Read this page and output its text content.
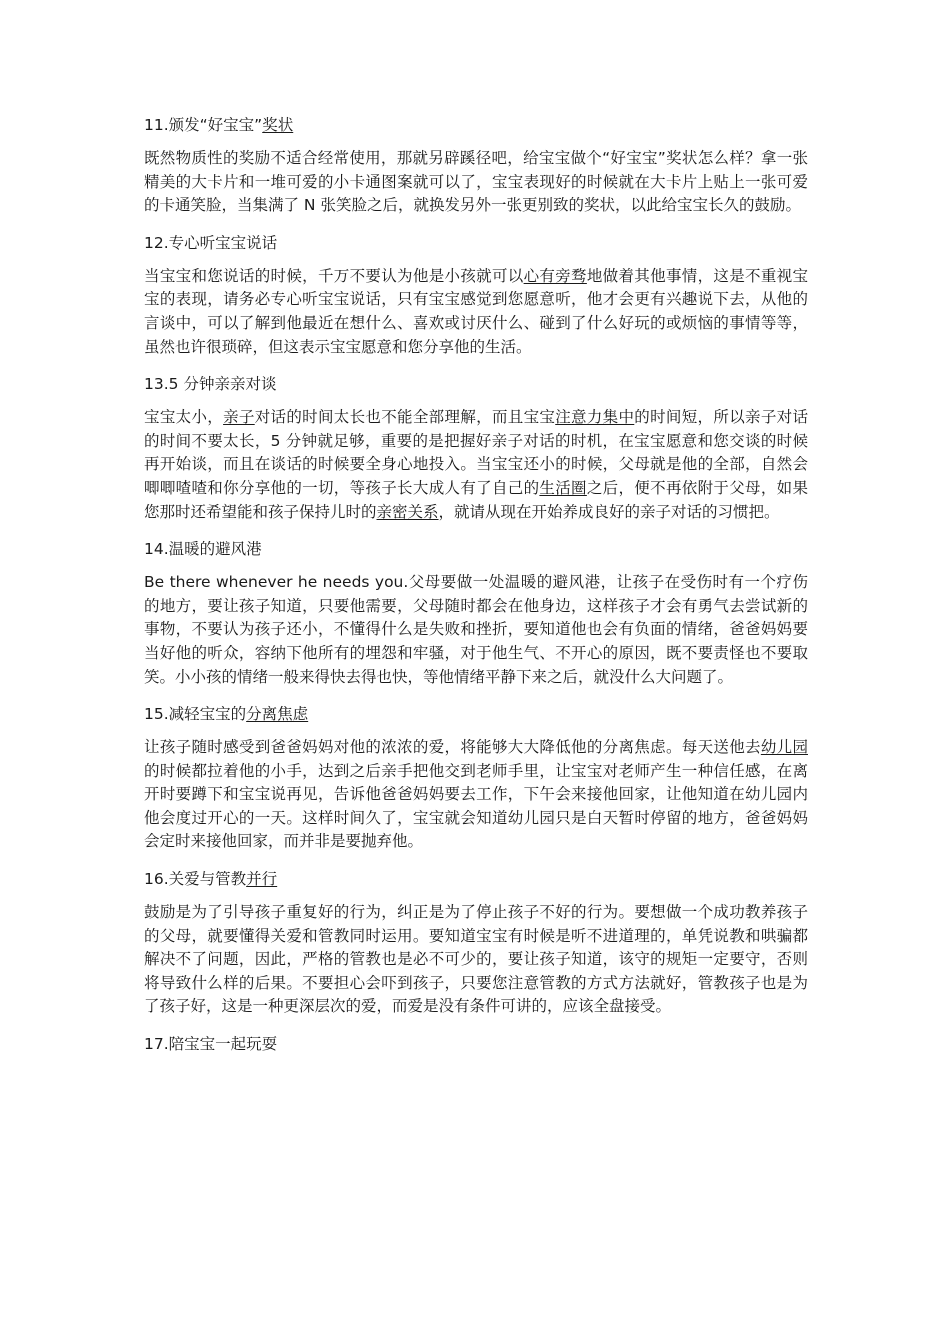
11.颁发“好宝宝”奖状
既然物质性的奖励不适合经常使用，那就另辟蹊径吧，给宝宝做个“好宝宝”奖状怎么样？拿一张精美的大卡片和一堆可爱的小卡通图案就可以了，宝宝表现好的时候就在大卡片上贴上一张可爱的卡通笑脸，当集满了 N 张笑脸之后，就换发另外一张更别致的奖状，以此给宝宝长久的鼓励。
12.专心听宝宝说话
当宝宝和您说话的时候，千万不要认为他是小孩就可以心有旁骛地做着其他事情，这是不重视宝宝的表现，请务必专心听宝宝说话，只有宝宝感觉到您愿意听，他才会更有兴趣说下去，从他的言谈中，可以了解到他最近在想什么、喜欢或讨厌什么、碰到了什么好玩的或烦恼的事情等等，虽然也许很琐碎，但这表示宝宝愿意和您分享他的生活。
13.5 分钟亲亲对谈
宝宝太小，亲子对话的时间太长也不能全部理解，而且宝宝注意力集中的时间短，所以亲子对话的时间不要太长，5 分钟就足够，重要的是把握好亲子对话的时机，在宝宝愿意和您交谈的时候再开始谈，而且在谈话的时候要全身心地投入。当宝宝还小的时候，父母就是他的全部，自然会唧唧喳喳和你分享他的一切，等孩子长大成人有了自己的生活圈之后，便不再依附于父母，如果您那时还希望能和孩子保持儿时的亲密关系，就请从现在开始养成良好的亲子对话的习惯把。
14.温暖的避风港
Be there whenever he needs you.父母要做一处温暖的避风港，让孩子在受伤时有一个疗伤的地方，要让孩子知道，只要他需要，父母随时都会在他身边，这样孩子才会有勇气去尝试新的事物，不要认为孩子还小，不懂得什么是失败和挫折，要知道他也会有负面的情绪，爸爸妈妈要当好他的听众，容纳下他所有的埋怨和牢骚，对于他生气、不开心的原因，既不要责怪也不要取笑。小小孩的情绪一般来得快去得也快，等他情绪平静下来之后，就没什么大问题了。
15.减轻宝宝的分离焦虑
让孩子随时感受到爸爸妈妈对他的浓浓的爱，将能够大大降低他的分离焦虑。每天送他去幼儿园的时候都拉着他的小手，达到之后亲手把他交到老师手里，让宝宝对老师产生一种信任感，在离开时要蹲下和宝宝说再见，告诉他爸爸妈妈要去工作，下午会来接他回家，让他知道在幼儿园内他会度过开心的一天。这样时间久了，宝宝就会知道幼儿园只是白天暂时停留的地方，爸爸妈妈会定时来接他回家，而并非是要抛弃他。
16.关爱与管教并行
鼓励是为了引导孩子重复好的行为，纠正是为了停止孩子不好的行为。要想做一个成功教养孩子的父母，就要懂得关爱和管教同时运用。要知道宝宝有时候是听不进道理的，单凭说教和哄骗都解决不了问题，因此，严格的管教也是必不可少的，要让孩子知道，该守的规矩一定要守，否则将导致什么样的后果。不要担心会吓到孩子，只要您注意管教的方式方法就好，管教孩子也是为了孩子好，这是一种更深层次的爱，而爱是没有条件可讲的，应该全盘接受。
17.陪宝宝一起玩耍
